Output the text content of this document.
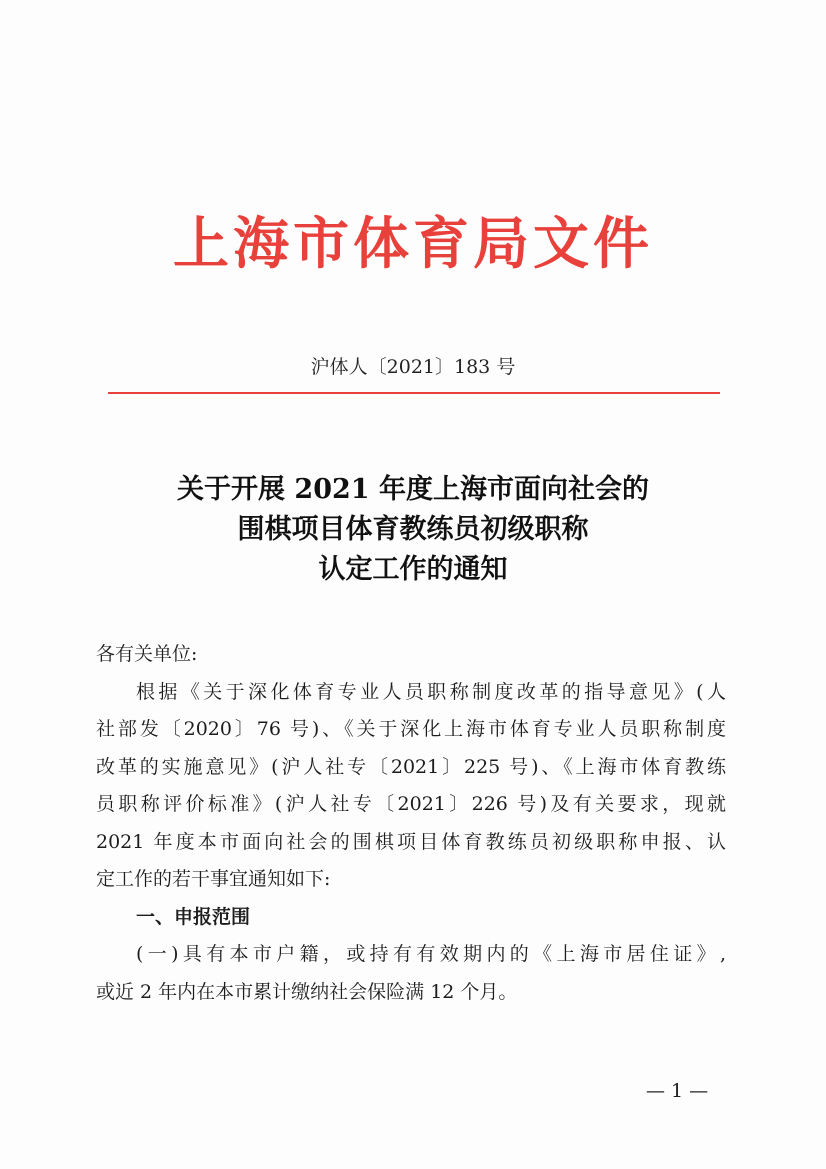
上海市体育局文件
沪体人〔2021〕183 号
关于开展 2021 年度上海市面向社会的
围棋项目体育教练员初级职称
认定工作的通知
各有关单位:
根据《关于深化体育专业人员职称制度改革的指导意见》(人
社部发〔2020〕76 号)、《关于深化上海市体育专业人员职称制度
改革的实施意见》(沪人社专〔2021〕225 号)、《上海市体育教练
员职称评价标准》(沪人社专〔2021〕226 号)及有关要求，现就
2021 年度本市面向社会的围棋项目体育教练员初级职称申报、认
定工作的若干事宜通知如下:
一、申报范围
(一)具有本市户籍，或持有有效期内的《上海市居住证》,
或近 2 年内在本市累计缴纳社会保险满 12 个月。
— 1 —
